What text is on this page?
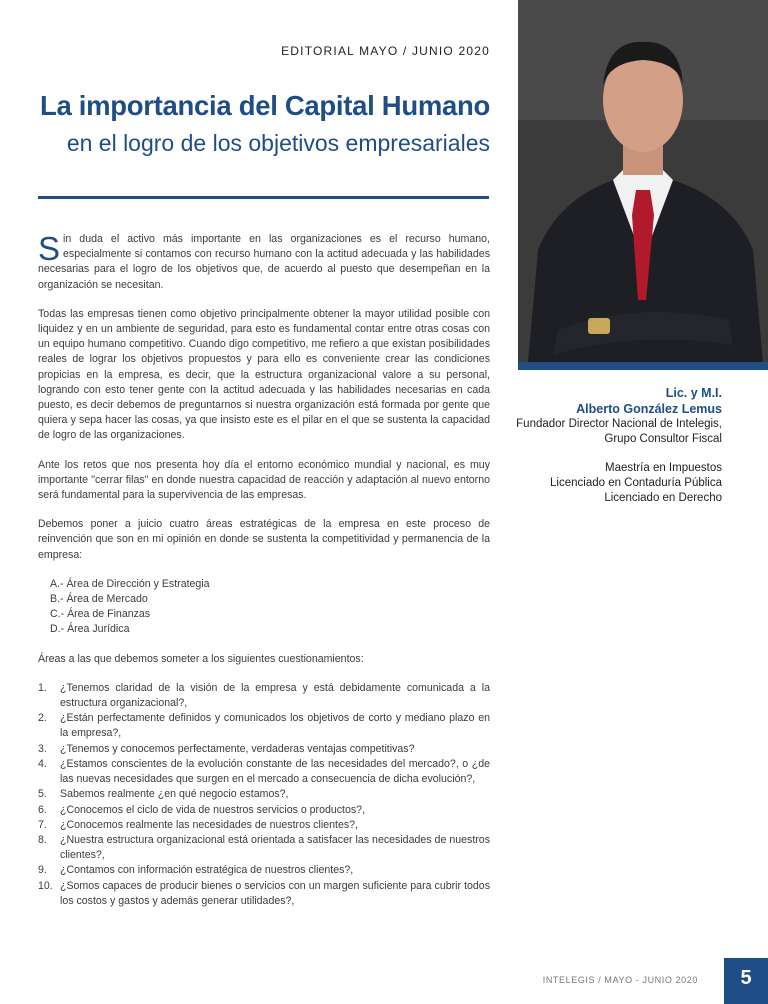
EDITORIAL MAYO / JUNIO 2020
La importancia del Capital Humano
en el logro de los objetivos empresariales
Lic. y M.I.
Alberto González Lemus
Fundador Director Nacional de Intelegis,
Grupo Consultor Fiscal
Maestría en Impuestos
Licenciado en Contaduría Pública
Licenciado en Derecho

Sin duda el activo más importante en las organizaciones es el recurso humano, especialmente si contamos con recurso humano con la actitud adecuada y las habilidades necesarias para el logro de los objetivos que, de acuerdo al puesto que desempeñan en la organización se necesitan.

Todas las empresas tienen como objetivo principalmente obtener la mayor utilidad posible con liquidez y en un ambiente de seguridad, para esto es fundamental contar entre otras cosas con un equipo humano competitivo. Cuando digo competitivo, me refiero a que existan posibilidades reales de lograr los objetivos propuestos y para ello es conveniente crear las condiciones propicias en la empresa, es decir, que la estructura organizacional valore a su personal, logrando con esto tener gente con la actitud adecuada y las habilidades necesarias en cada puesto, es decir debemos de preguntarnos si nuestra organización está formada por gente que quiera y sepa hacer las cosas, ya que insisto este es el pilar en el que se sustenta la capacidad de logro de las organizaciones.

Ante los retos que nos presenta hoy día el entorno económico mundial y nacional, es muy importante "cerrar filas" en donde nuestra capacidad de reacción y adaptación al nuevo entorno será fundamental para la supervivencia de las empresas.

Debemos poner a juicio cuatro áreas estratégicas de la empresa en este proceso de reinvención que son en mi opinión en donde se sustenta la competitividad y permanencia de la empresa:

A.- Área de Dirección y Estrategia
B.- Área de Mercado
C.- Área de Finanzas
D.- Área Jurídica

Áreas a las que debemos someter a los siguientes cuestionamientos:

1.	¿Tenemos claridad de la visión de la empresa y está debidamente comunicada a la estructura organizacional?,
2.	¿Están perfectamente definidos y comunicados los objetivos de corto y mediano plazo en la empresa?,
3.	¿Tenemos y conocemos perfectamente, verdaderas ventajas competitivas?
4.	¿Estamos conscientes de la evolución constante de las necesidades del mercado?, o ¿de las nuevas necesidades que surgen en el mercado a consecuencia de dicha evolución?,
5.	Sabemos realmente ¿en qué negocio estamos?,
6.	¿Conocemos el ciclo de vida de nuestros servicios o productos?,
7.	¿Conocemos realmente las necesidades de nuestros clientes?,
8.	¿Nuestra estructura organizacional está orientada a satisfacer las necesidades de nuestros clientes?,
9.	¿Contamos con información estratégica de nuestros clientes?,
10. ¿Somos capaces de producir bienes o servicios con un margen suficiente para cubrir todos los costos y gastos y además generar utilidades?,
INTELEGIS / MAYO - JUNIO 2020	5
